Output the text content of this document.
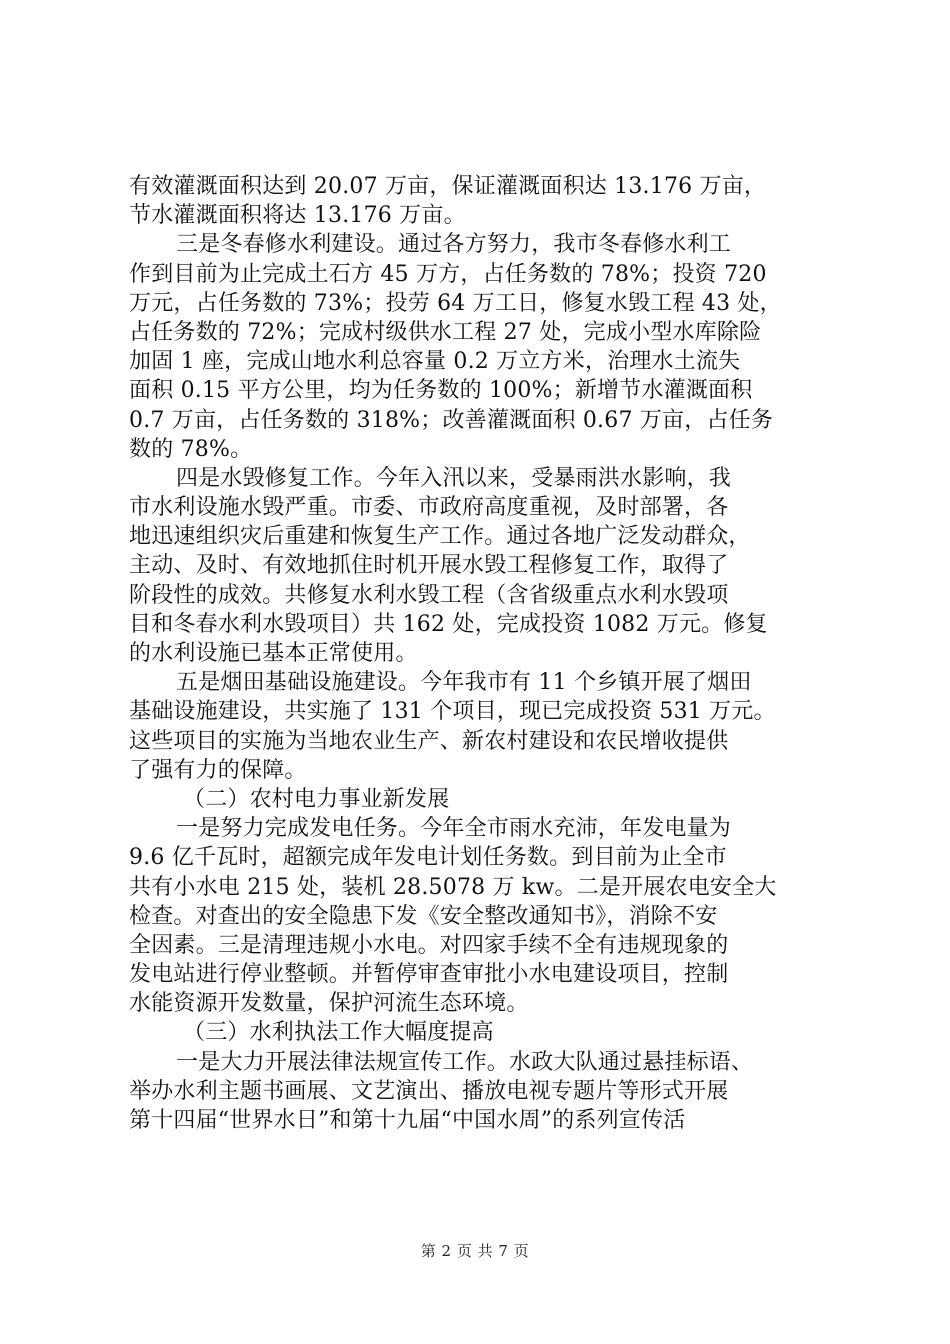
有效灌溉面积达到 20.07 万亩，保证灌溉面积达 13.176 万亩，
节水灌溉面积将达 13.176 万亩。
三是冬春修水利建设。通过各方努力，我市冬春修水利工
作到目前为止完成土石方 45 万方，占任务数的 78%；投资 720
万元，占任务数的 73%；投劳 64 万工日，修复水毁工程 43 处，
占任务数的 72%；完成村级供水工程 27 处，完成小型水库除险
加固 1 座，完成山地水利总容量 0.2 万立方米，治理水土流失
面积 0.15 平方公里，均为任务数的 100%；新增节水灌溉面积
0.7 万亩，占任务数的 318%；改善灌溉面积 0.67 万亩，占任务
数的 78%。
四是水毁修复工作。今年入汛以来，受暴雨洪水影响，我
市水利设施水毁严重。市委、市政府高度重视，及时部署，各
地迅速组织灾后重建和恢复生产工作。通过各地广泛发动群众，
主动、及时、有效地抓住时机开展水毁工程修复工作，取得了
阶段性的成效。共修复水利水毁工程（含省级重点水利水毁项
目和冬春水利水毁项目）共 162 处，完成投资 1082 万元。修复
的水利设施已基本正常使用。
五是烟田基础设施建设。今年我市有 11 个乡镇开展了烟田
基础设施建设，共实施了 131 个项目，现已完成投资 531 万元。
这些项目的实施为当地农业生产、新农村建设和农民增收提供
了强有力的保障。
（二）农村电力事业新发展
一是努力完成发电任务。今年全市雨水充沛，年发电量为
9.6 亿千瓦时，超额完成年发电计划任务数。到目前为止全市
共有小水电 215 处，装机 28.5078 万 kw。二是开展农电安全大
检查。对查出的安全隐患下发《安全整改通知书》，消除不安
全因素。三是清理违规小水电。对四家手续不全有违规现象的
发电站进行停业整顿。并暂停审查审批小水电建设项目，控制
水能资源开发数量，保护河流生态环境。
（三）水利执法工作大幅度提高
一是大力开展法律法规宣传工作。水政大队通过悬挂标语、
举办水利主题书画展、文艺演出、播放电视专题片等形式开展
第十四届“世界水日”和第十九届“中国水周”的系列宣传活
第 2 页 共 7 页
